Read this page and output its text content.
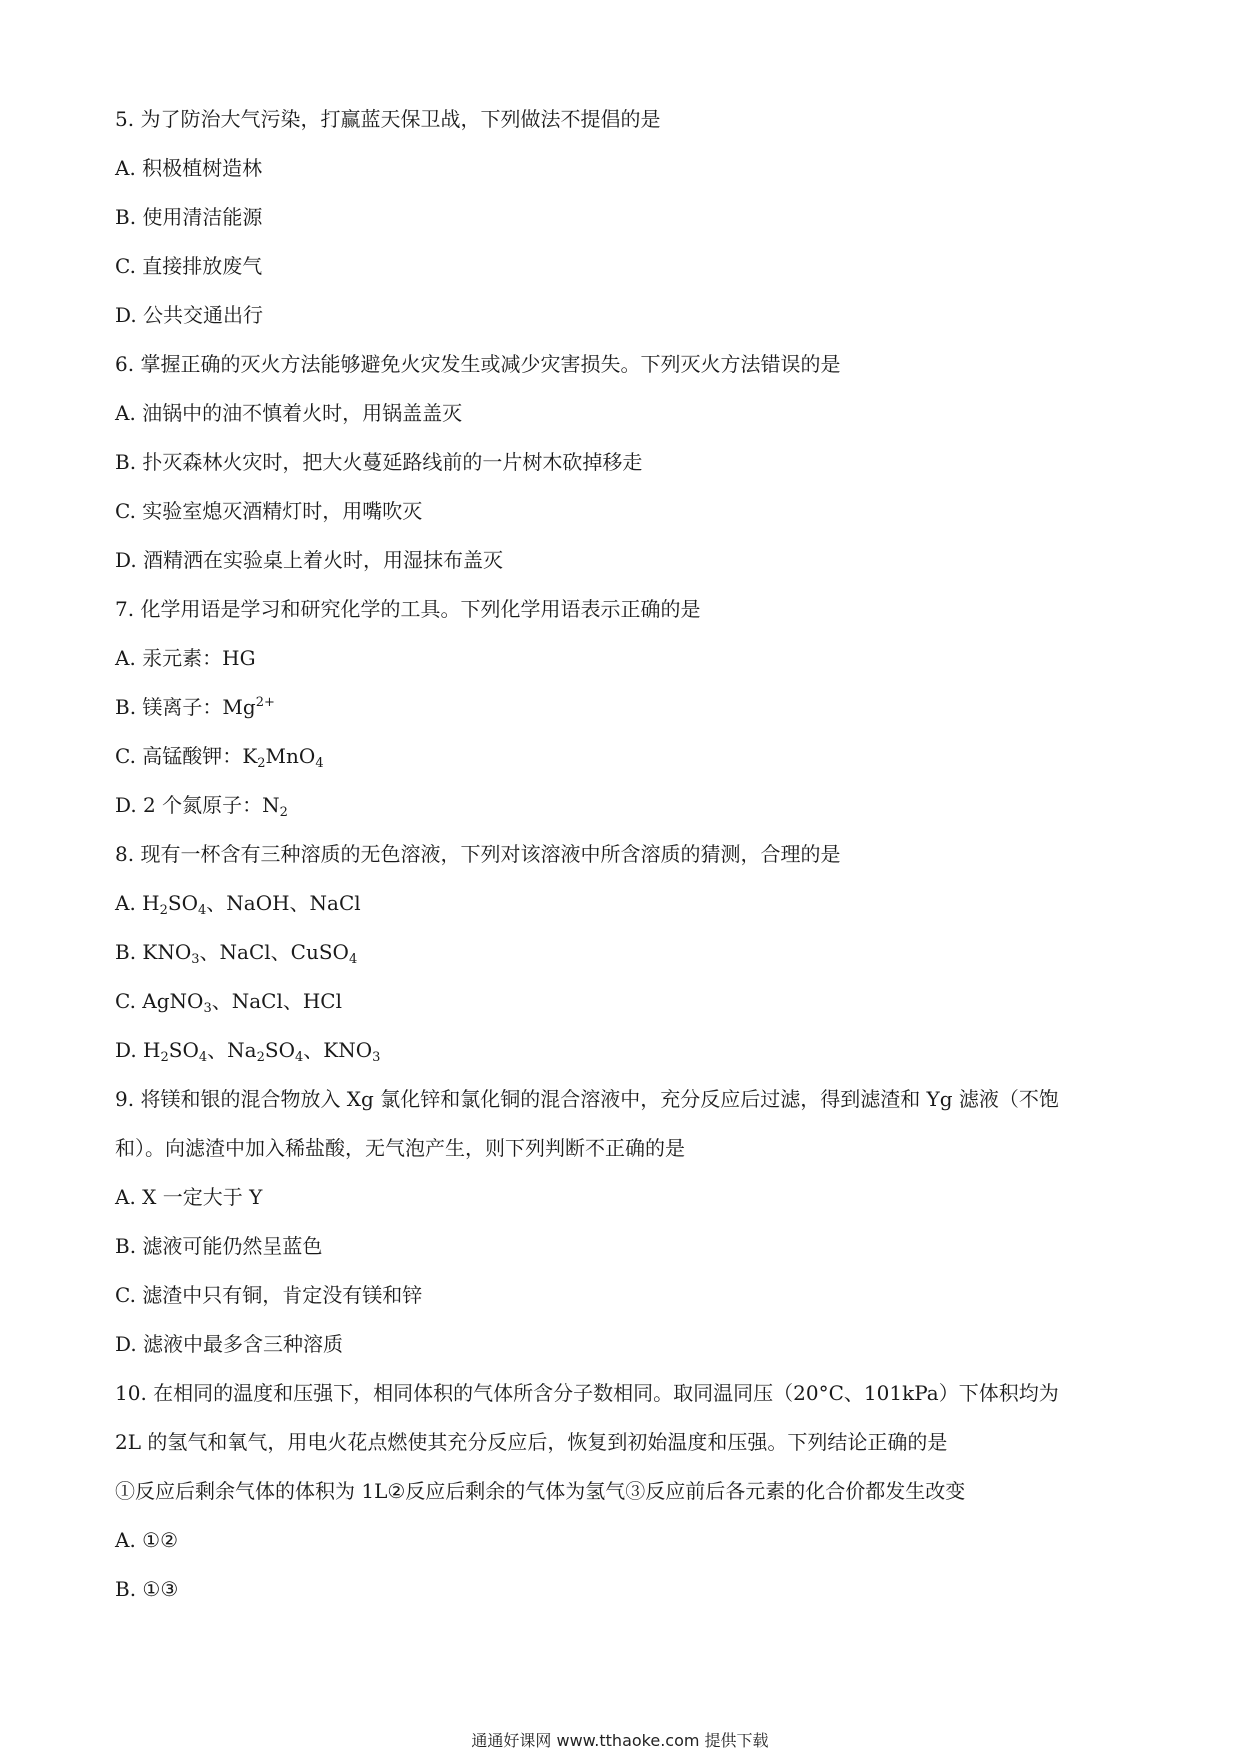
5. 为了防治大气污染，打赢蓝天保卫战，下列做法不提倡的是
A. 积极植树造林
B. 使用清洁能源
C. 直接排放废气
D. 公共交通出行
6. 掌握正确的灭火方法能够避免火灾发生或减少灾害损失。下列灭火方法错误的是
A. 油锅中的油不慎着火时，用锅盖盖灭
B. 扑灭森林火灾时，把大火蔓延路线前的一片树木砍掉移走
C. 实验室熄灭酒精灯时，用嘴吹灭
D. 酒精洒在实验桌上着火时，用湿抹布盖灭
7. 化学用语是学习和研究化学的工具。下列化学用语表示正确的是
A. 汞元素：HG
B. 镁离子：$Mg^{2+}$
C. 高锰酸钾：$K_2MnO_4$
D. 2 个氮原子：$N_2$
8. 现有一杯含有三种溶质的无色溶液，下列对该溶液中所含溶质的猜测，合理的是
A. $H_2SO_4$、NaOH、NaCl
B. $KNO_3$、NaCl、CuSO$_4$
C. AgNO$_3$、NaCl、HCl
D. $H_2SO_4$、$Na_2SO_4$、$KNO_3$
9. 将镁和银的混合物放入 Xg 氯化锌和氯化铜的混合溶液中，充分反应后过滤，得到滤渣和 Yg 滤液（不饱
和）。向滤渣中加入稀盐酸，无气泡产生，则下列判断不正确的是
A. X 一定大于 Y
B. 滤液可能仍然呈蓝色
C. 滤渣中只有铜，肯定没有镁和锌
D. 滤液中最多含三种溶质
10. 在相同的温度和压强下，相同体积的气体所含分子数相同。取同温同压（20°C、101kPa）下体积均为
2L 的氢气和氧气，用电火花点燃使其充分反应后，恢复到初始温度和压强。下列结论正确的是
①反应后剩余气体的体积为 1L②反应后剩余的气体为氢气③反应前后各元素的化合价都发生改变
A. ①②
B. ①③
通通好课网 www.tthaoke.com 提供下载
